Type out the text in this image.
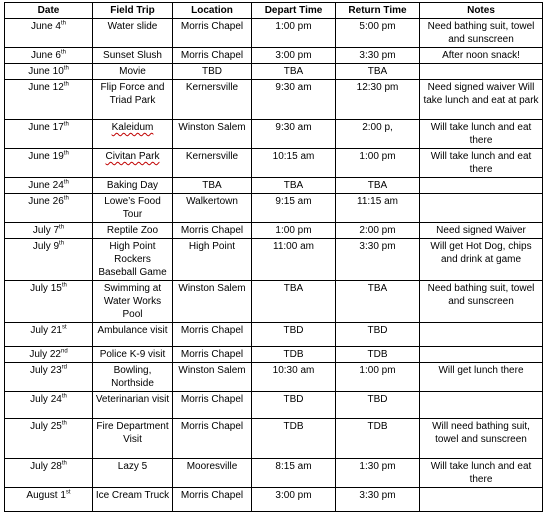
Date	Field Trip	Location	Depart Time	Return Time	Notes
June 4th	Water slide	Morris Chapel	1:00 pm	5:00 pm	Need bathing suit, towel and sunscreen
June 6th	Sunset Slush	Morris Chapel	3:00 pm	3:30 pm	After noon snack!
June 10th	Movie	TBD	TBA	TBA	
June 12th	Flip Force and Triad Park	Kernersville	9:30 am	12:30 pm	Need signed waiver Will take lunch and eat at park
June 17th	Kaleidum	Winston Salem	9:30 am	2:00 p,	Will take lunch and eat there
June 19th	Civitan Park	Kernersville	10:15 am	1:00 pm	Will take lunch and eat there
June 24th	Baking Day	TBA	TBA	TBA	
June 26th	Lowe’s Food Tour	Walkertown	9:15 am	11:15 am	
July 7th	Reptile Zoo	Morris Chapel	1:00 pm	2:00 pm	Need signed Waiver
July 9th	High Point Rockers Baseball Game	High Point	11:00 am	3:30 pm	Will get Hot Dog, chips and drink at game
July 15th	Swimming at Water Works Pool	Winston Salem	TBA	TBA	Need bathing suit, towel and sunscreen
July 21st	Ambulance visit	Morris Chapel	TBD	TBD	
July 22nd	Police K-9 visit	Morris Chapel	TDB	TDB	
July 23rd	Bowling, Northside	Winston Salem	10:30 am	1:00 pm	Will get lunch there
July 24th	Veterinarian visit	Morris Chapel	TBD	TBD	
July 25th	Fire Department Visit	Morris Chapel	TDB	TDB	Will need bathing suit, towel and sunscreen
July 28th	Lazy 5	Mooresville	8:15 am	1:30 pm	Will take lunch and eat there
August 1st	Ice Cream Truck	Morris Chapel	3:00 pm	3:30 pm	
